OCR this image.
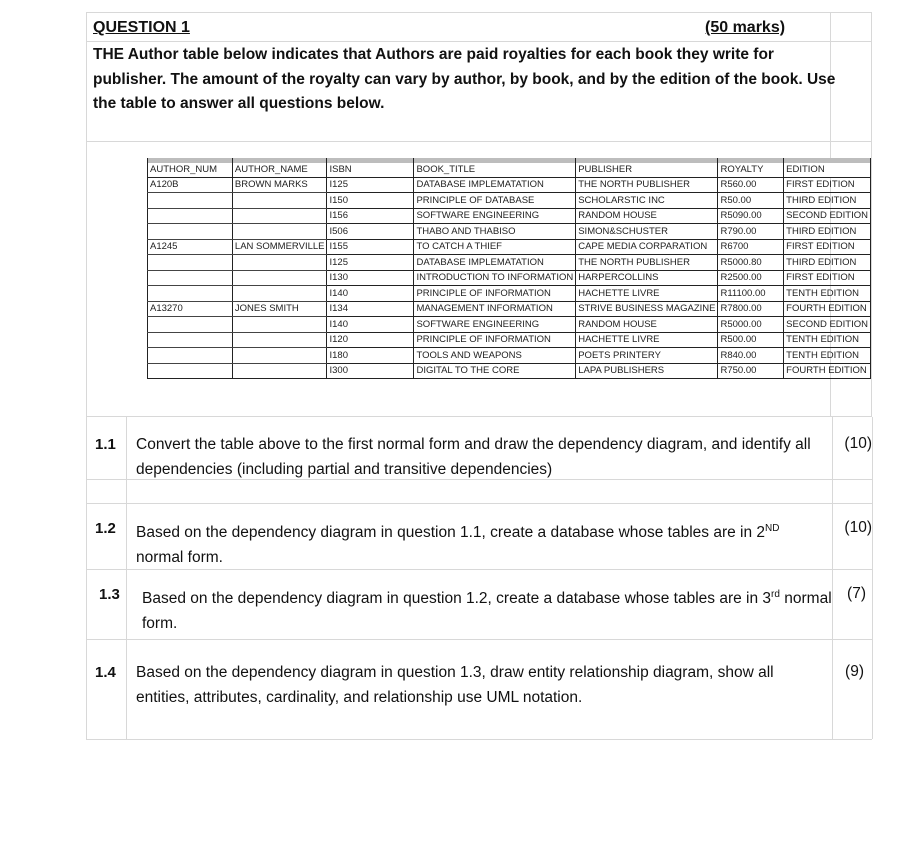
QUESTION 1	(50 marks)
THE Author table below indicates that Authors are paid royalties for each book they write for publisher. The amount of the royalty can vary by author, by book, and by the edition of the book. Use the table to answer all questions below.
AUTHOR_NUM	AUTHOR_NAME	ISBN	BOOK_TITLE	PUBLISHER	ROYALTY	EDITION
A120B	BROWN MARKS	I125	DATABASE IMPLEMATATION	THE NORTH PUBLISHER	R560.00	FIRST EDITION
		I150	PRINCIPLE OF DATABASE	SCHOLARSTIC INC	R50.00	THIRD EDITION
		I156	SOFTWARE ENGINEERING	RANDOM HOUSE	R5090.00	SECOND EDITION
		I506	THABO AND THABISO	SIMON&SCHUSTER	R790.00	THIRD EDITION
A1245	LAN SOMMERVILLE	I155	TO CATCH A THIEF	CAPE MEDIA CORPARATION	R6700	FIRST EDITION
		I125	DATABASE IMPLEMATATION	THE NORTH PUBLISHER	R5000.80	THIRD EDITION
		I130	INTRODUCTION TO INFORMATION	HARPERCOLLINS	R2500.00	FIRST EDITION
		I140	PRINCIPLE OF INFORMATION	HACHETTE LIVRE	R11100.00	TENTH EDITION
A13270	JONES SMITH	I134	MANAGEMENT INFORMATION	STRIVE BUSINESS MAGAZINE	R7800.00	FOURTH EDITION
		I140	SOFTWARE ENGINEERING	RANDOM HOUSE	R5000.00	SECOND EDITION
		I120	PRINCIPLE OF INFORMATION	HACHETTE LIVRE	R500.00	TENTH EDITION
		I180	TOOLS AND WEAPONS	POETS PRINTERY	R840.00	TENTH EDITION
		I300	DIGITAL TO THE CORE	LAPA PUBLISHERS	R750.00	FOURTH EDITION
1.1 Convert the table above to the first normal form and draw the dependency diagram, and identify all dependencies (including partial and transitive dependencies)
(10)
1.2 Based on the dependency diagram in question 1.1, create a database whose tables are in 2ND normal form.
(10)
1.3 Based on the dependency diagram in question 1.2, create a database whose tables are in 3rd normal form.
(7)
1.4 Based on the dependency diagram in question 1.3, draw entity relationship diagram, show all entities, attributes, cardinality, and relationship use UML notation.
(9)
